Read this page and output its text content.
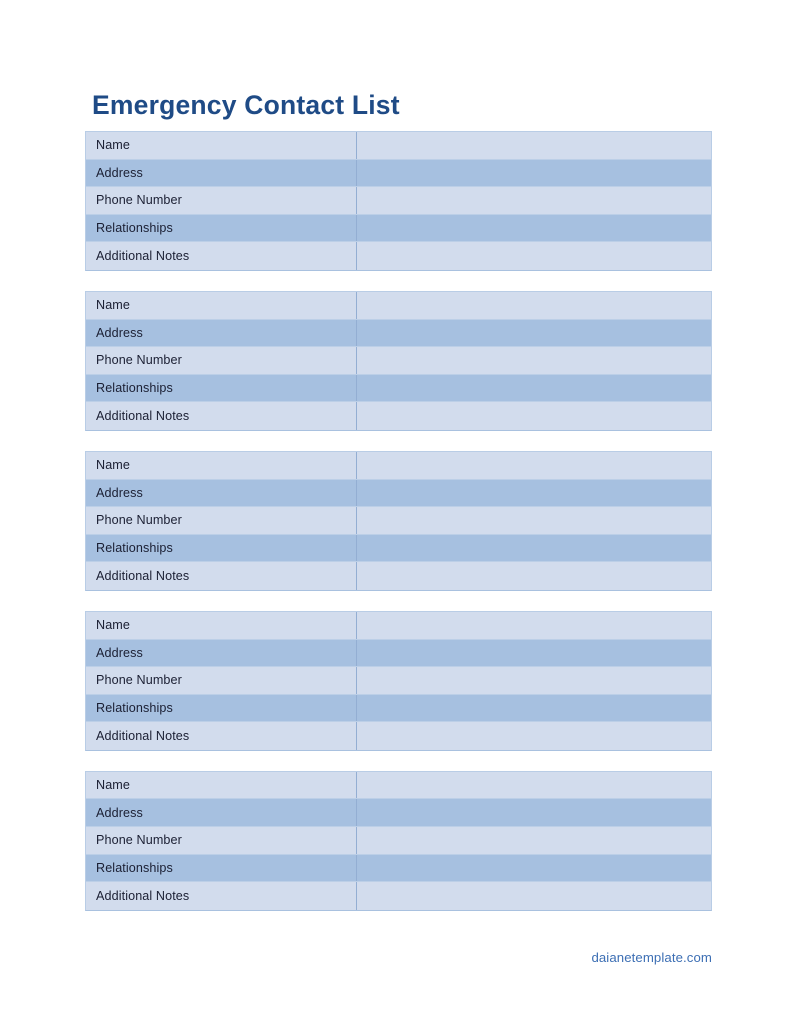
Emergency Contact List
Name
Address
Phone Number
Relationships
Additional Notes
Name
Address
Phone Number
Relationships
Additional Notes
Name
Address
Phone Number
Relationships
Additional Notes
Name
Address
Phone Number
Relationships
Additional Notes
Name
Address
Phone Number
Relationships
Additional Notes
daianetemplate.com
